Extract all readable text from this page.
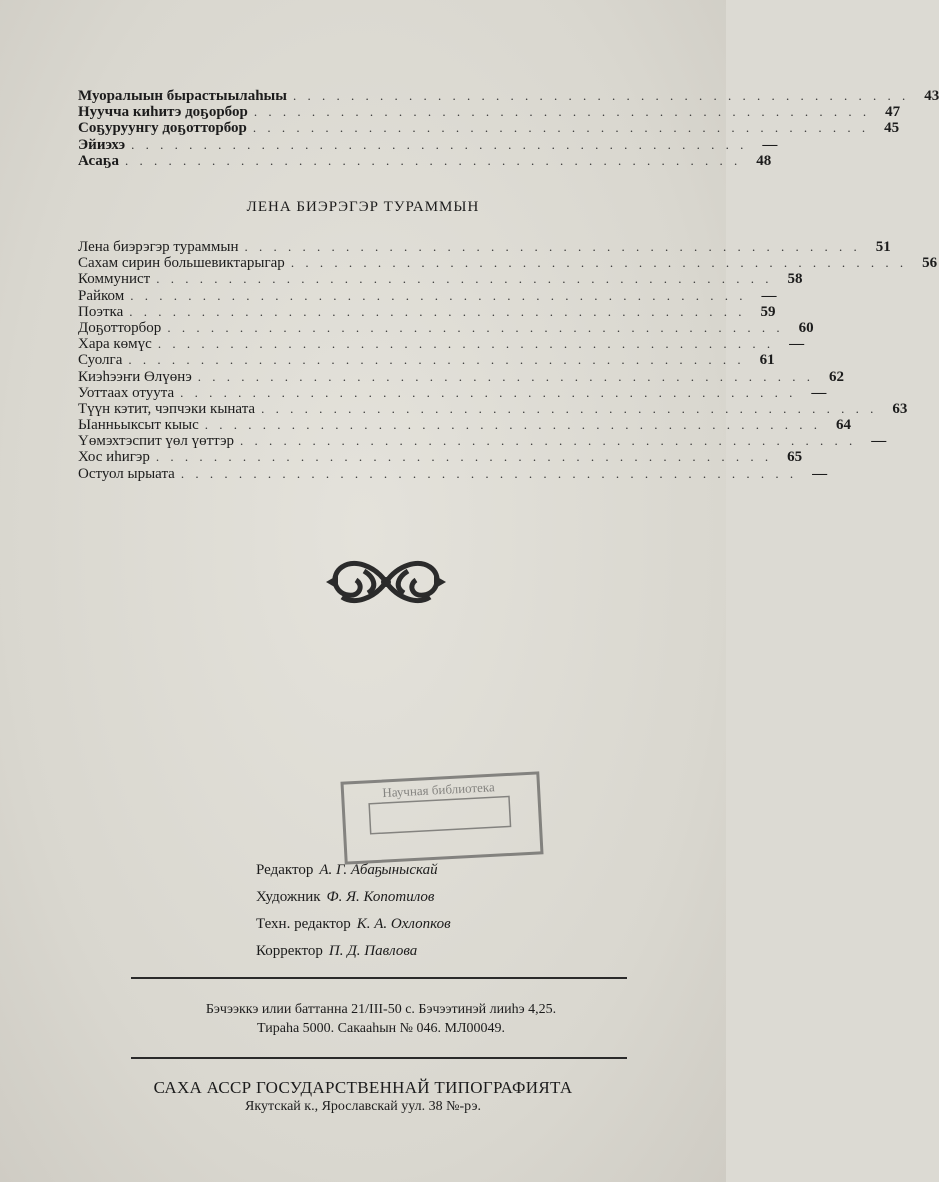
Муоралыын бырастыылаһыы . . . . . . . . . . . . . . . . . . . . . . . . . . . . . . . . . . . . . . . . . . .	43
Нуучча киһитэ доҕорбор . . . . . . . . . . . . . . . . . . . . . . . . . . . . . . . . . . . . . . . . . . .	47
Соҕуруунгу доҕотторбор . . . . . . . . . . . . . . . . . . . . . . . . . . . . . . . . . . . . . . . . . . .	45
Эйиэхэ . . . . . . . . . . . . . . . . . . . . . . . . . . . . . . . . . . . . . . . . . . .	—
Асаҕа . . . . . . . . . . . . . . . . . . . . . . . . . . . . . . . . . . . . . . . . . . .	48
ЛЕНА БИЭРЭГЭР ТУРАММЫН
Лена биэрэгэр тураммын . . . . . . . . . . . . . . . . . . . . . . . . . . . . . . . . . . . . . . . . . . .	51
Сахам сирин большевиктарыгар . . . . . . . . . . . . . . . . . . . . . . . . . . . . . . . . . . . . . . . . . . .	56
Коммунист . . . . . . . . . . . . . . . . . . . . . . . . . . . . . . . . . . . . . . . . . . .	58
Райком . . . . . . . . . . . . . . . . . . . . . . . . . . . . . . . . . . . . . . . . . . .	—
Поэтка . . . . . . . . . . . . . . . . . . . . . . . . . . . . . . . . . . . . . . . . . . .	59
Доҕотторбор . . . . . . . . . . . . . . . . . . . . . . . . . . . . . . . . . . . . . . . . . . .	60
Хара көмүс . . . . . . . . . . . . . . . . . . . . . . . . . . . . . . . . . . . . . . . . . . .	—
Суолга . . . . . . . . . . . . . . . . . . . . . . . . . . . . . . . . . . . . . . . . . . .	61
Киэһээҥи Өлүөнэ . . . . . . . . . . . . . . . . . . . . . . . . . . . . . . . . . . . . . . . . . . .	62
Уоттаах отуута . . . . . . . . . . . . . . . . . . . . . . . . . . . . . . . . . . . . . . . . . . .	—
Түүн кэтит, чэпчэки кыната . . . . . . . . . . . . . . . . . . . . . . . . . . . . . . . . . . . . . . . . . . .	63
Ыанньыксыт кыыс . . . . . . . . . . . . . . . . . . . . . . . . . . . . . . . . . . . . . . . . . . .	64
Үөмэхтэспит үөл үөттэр . . . . . . . . . . . . . . . . . . . . . . . . . . . . . . . . . . . . . . . . . . .	—
Хос иһигэр . . . . . . . . . . . . . . . . . . . . . . . . . . . . . . . . . . . . . . . . . . .	65
Остуол ырыата . . . . . . . . . . . . . . . . . . . . . . . . . . . . . . . . . . . . . . . . . . .	—
Научная библиотека
Редактор А. Г. Абаҕыныскай
Художник Ф. Я. Копотилов
Техн. редактор К. А. Охлопков
Корректор П. Д. Павлова
Бэчээккэ илии баттанна 21/III-50 с. Бэчээтинэй лииһэ 4,25.
Тираһа 5000. Сакааһын № 046. МЛ00049.
САХА АССР ГОСУДАРСТВЕННАЙ ТИПОГРАФИЯТА
Якутскай к., Ярославскай уул. 38 №-рэ.
